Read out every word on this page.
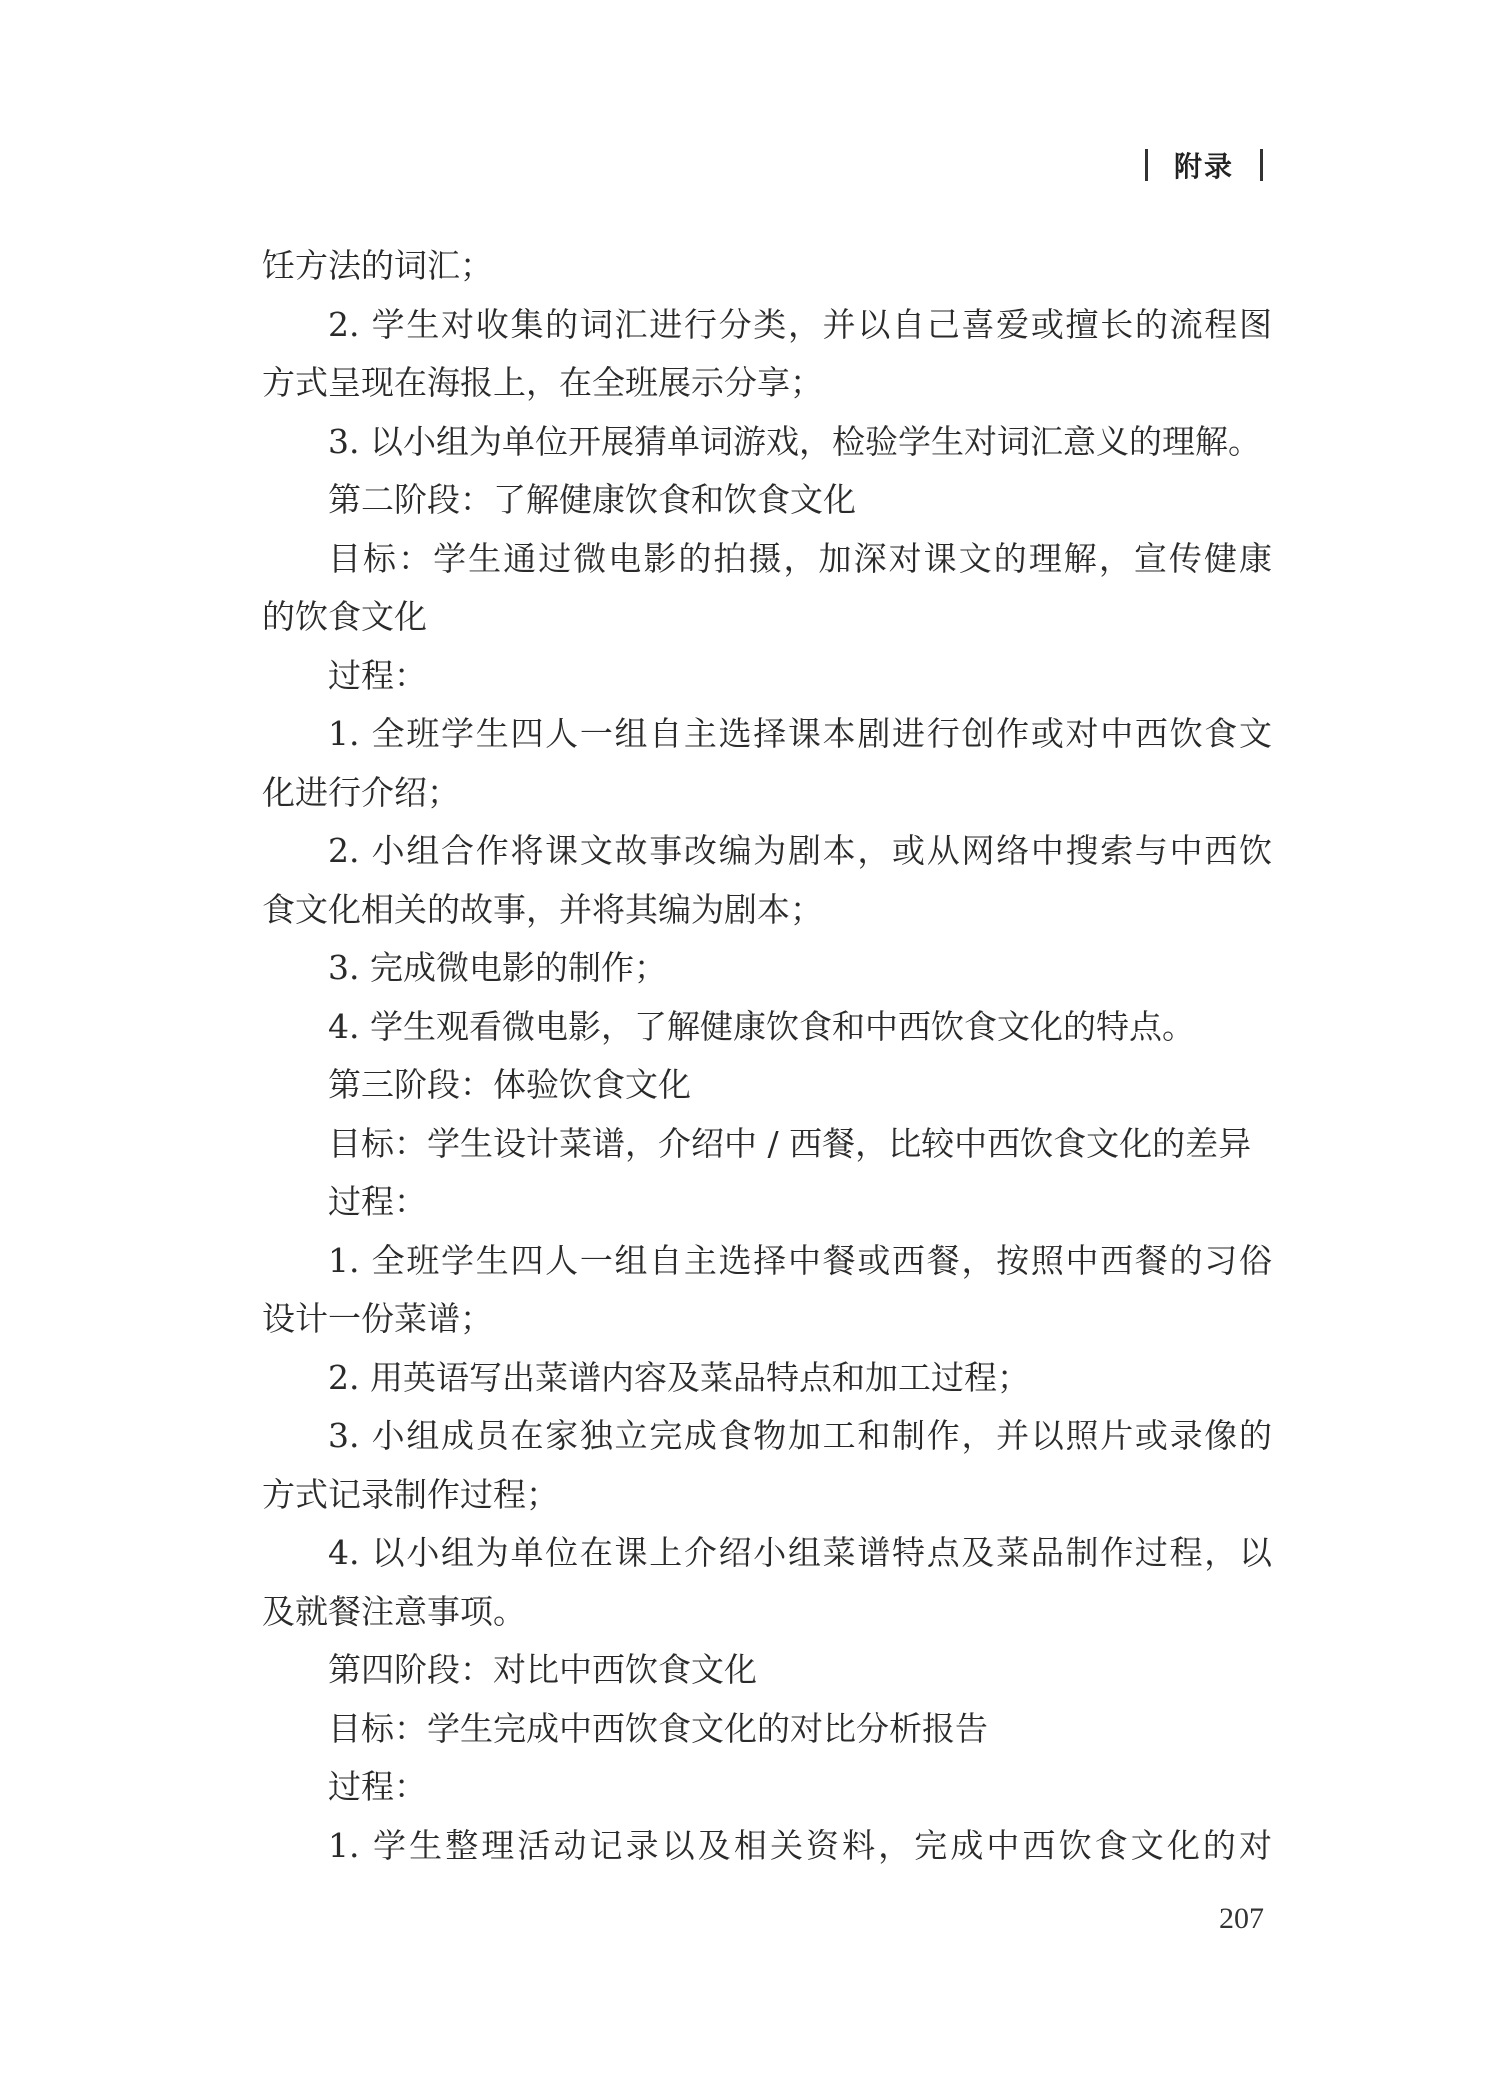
附录
饪方法的词汇；
2. 学生对收集的词汇进行分类，并以自己喜爱或擅长的流程图
方式呈现在海报上，在全班展示分享；
3. 以小组为单位开展猜单词游戏，检验学生对词汇意义的理解。
第二阶段：了解健康饮食和饮食文化
目标：学生通过微电影的拍摄，加深对课文的理解，宣传健康
的饮食文化
过程：
1. 全班学生四人一组自主选择课本剧进行创作或对中西饮食文
化进行介绍；
2. 小组合作将课文故事改编为剧本，或从网络中搜索与中西饮
食文化相关的故事，并将其编为剧本；
3. 完成微电影的制作；
4. 学生观看微电影，了解健康饮食和中西饮食文化的特点。
第三阶段：体验饮食文化
目标：学生设计菜谱，介绍中 / 西餐，比较中西饮食文化的差异
过程：
1. 全班学生四人一组自主选择中餐或西餐，按照中西餐的习俗
设计一份菜谱；
2. 用英语写出菜谱内容及菜品特点和加工过程；
3. 小组成员在家独立完成食物加工和制作，并以照片或录像的
方式记录制作过程；
4. 以小组为单位在课上介绍小组菜谱特点及菜品制作过程，以
及就餐注意事项。
第四阶段：对比中西饮食文化
目标：学生完成中西饮食文化的对比分析报告
过程：
1. 学生整理活动记录以及相关资料，完成中西饮食文化的对
207
